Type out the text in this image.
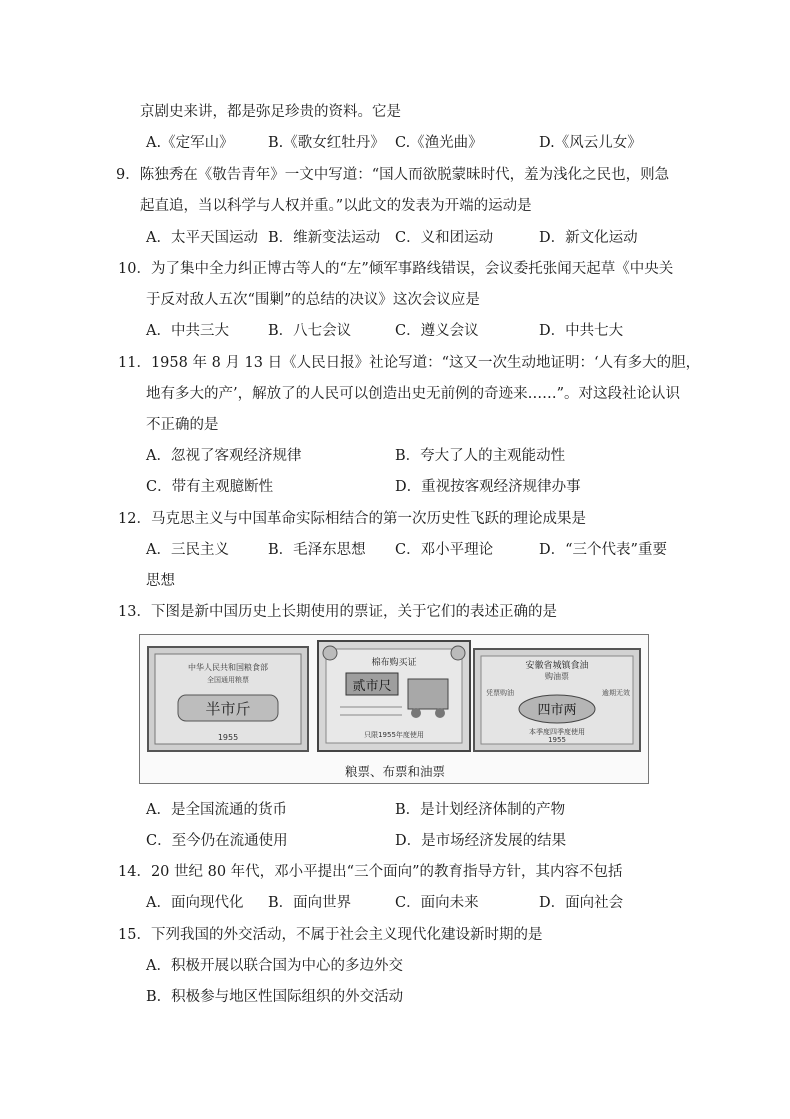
京剧史来讲，都是弥足珍贵的资料。它是
A.《定军山》 B.《歌女红牡丹》 C.《渔光曲》	D.《风云儿女》
9．陈独秀在《敬告青年》一文中写道：“国人而欲脱蒙昧时代，羞为浅化之民也，则急
起直追，当以科学与人权并重。”以此文的发表为开端的运动是
A．太平天国运动 B．维新变法运动 C．义和团运动	D．新文化运动
10．为了集中全力纠正博古等人的“左”倾军事路线错误，会议委托张闻天起草《中央关
于反对敌人五次“围剿”的总结的决议》这次会议应是
A．中共三大	B．八七会议	C．遵义会议	D．中共七大
11．1958 年 8 月 13 日《人民日报》社论写道：“这又一次生动地证明：‘人有多大的胆，
地有多大的产’，解放了的人民可以创造出史无前例的奇迹来……”。对这段社论认识
不正确的是
A．忽视了客观经济规律	B．夸大了人的主观能动性
C．带有主观臆断性	D．重视按客观经济规律办事
12．马克思主义与中国革命实际相结合的第一次历史性飞跃的理论成果是
A．三民主义	B．毛泽东思想 C．邓小平理论	D．“三个代表”重要
思想
13．下图是新中国历史上长期使用的票证，关于它们的表述正确的是
中华人民共和国粮食部
全国通用粮票
半市斤
1955
棉布购买证
贰市尺
只限1955年度使用
安徽省城镇食油
购油票
凭票购油	逾期无效
四市两
本季度四季度使用
1955
粮票、布票和油票
A．是全国流通的货币	B．是计划经济体制的产物
C．至今仍在流通使用	D．是市场经济发展的结果
14．20 世纪 80 年代，邓小平提出“三个面向”的教育指导方针，其内容不包括
A．面向现代化 B．面向世界	C．面向未来	D．面向社会
15．下列我国的外交活动，不属于社会主义现代化建设新时期的是
A．积极开展以联合国为中心的多边外交
B．积极参与地区性国际组织的外交活动
